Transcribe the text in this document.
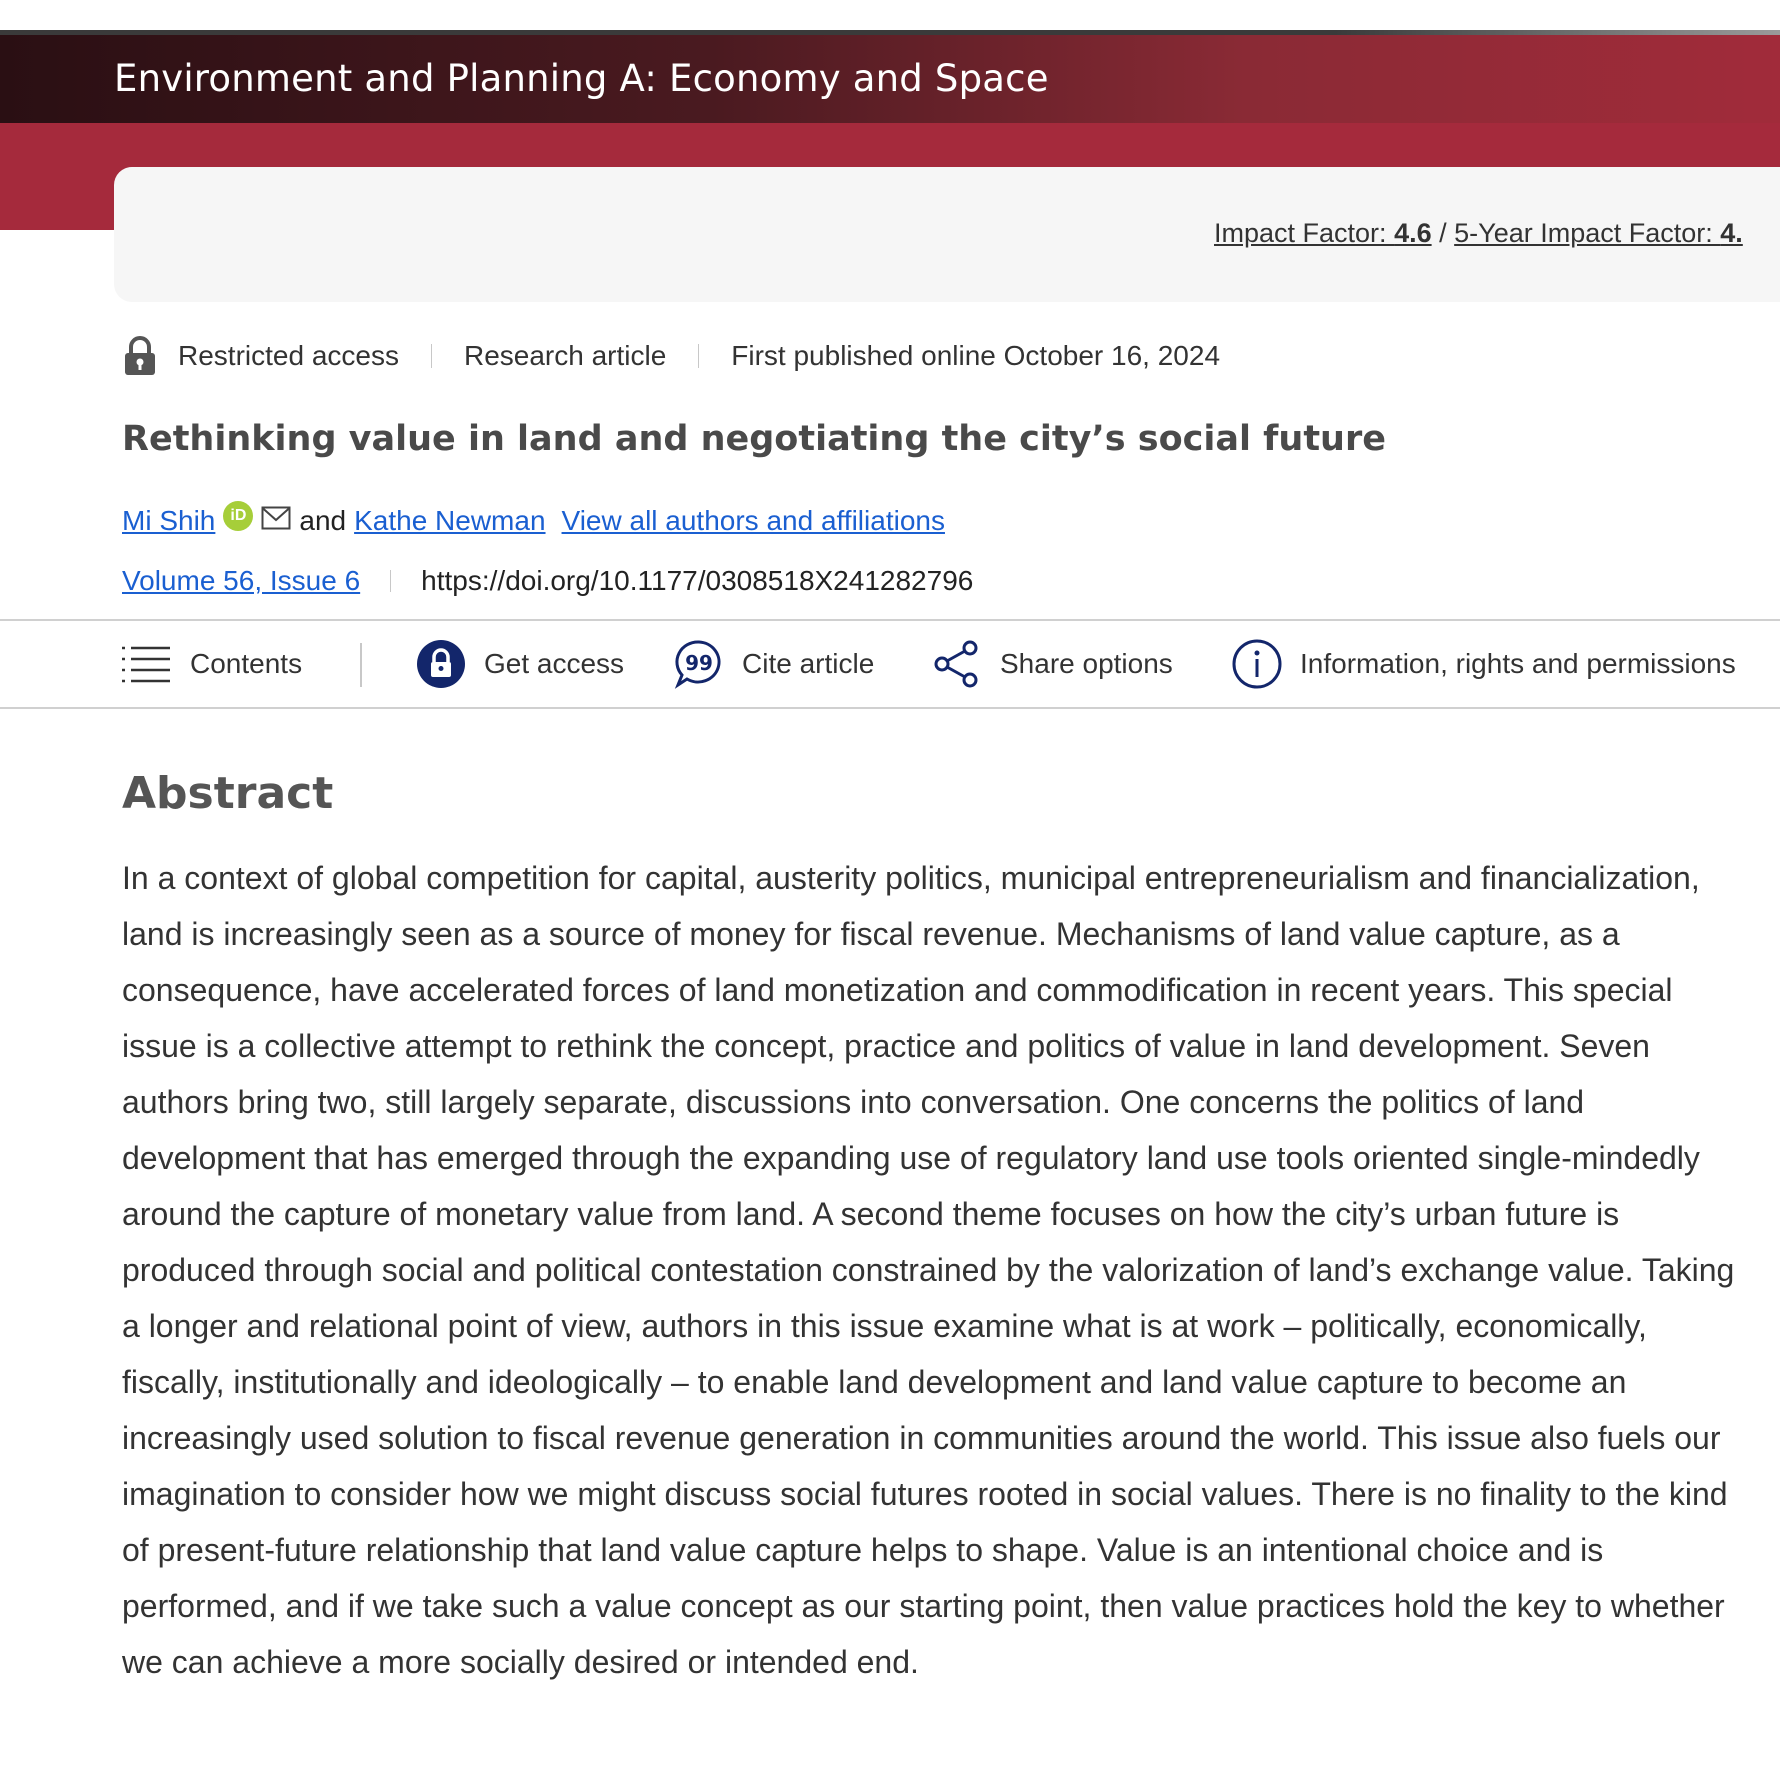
Environment and Planning A: Economy and Space
Impact Factor: 4.6 / 5-Year Impact Factor: 4.
Restricted access Research article First published online October 16, 2024
Rethinking value in land and negotiating the city’s social future
Mi Shih iD and Kathe Newman View all authors and affiliations
Volume 56, Issue 6 https://doi.org/10.1177/0308518X241282796
Contents	Get access	99 Cite article	Share options	Information, rights and permissions
Abstract

In a context of global competition for capital, austerity politics, municipal entrepreneurialism and financialization, land is increasingly seen as a source of money for fiscal revenue. Mechanisms of land value capture, as a consequence, have accelerated forces of land monetization and commodification in recent years. This special issue is a collective attempt to rethink the concept, practice and politics of value in land development. Seven authors bring two, still largely separate, discussions into conversation. One concerns the politics of land development that has emerged through the expanding use of regulatory land use tools oriented single-mindedly around the capture of monetary value from land. A second theme focuses on how the city’s urban future is produced through social and political contestation constrained by the valorization of land’s exchange value. Taking a longer and relational point of view, authors in this issue examine what is at work – politically, economically, fiscally, institutionally and ideologically – to enable land development and land value capture to become an increasingly used solution to fiscal revenue generation in communities around the world. This issue also fuels our imagination to consider how we might discuss social futures rooted in social values. There is no finality to the kind of present-future relationship that land value capture helps to shape. Value is an intentional choice and is performed, and if we take such a value concept as our starting point, then value practices hold the key to whether we can achieve a more socially desired or intended end.
